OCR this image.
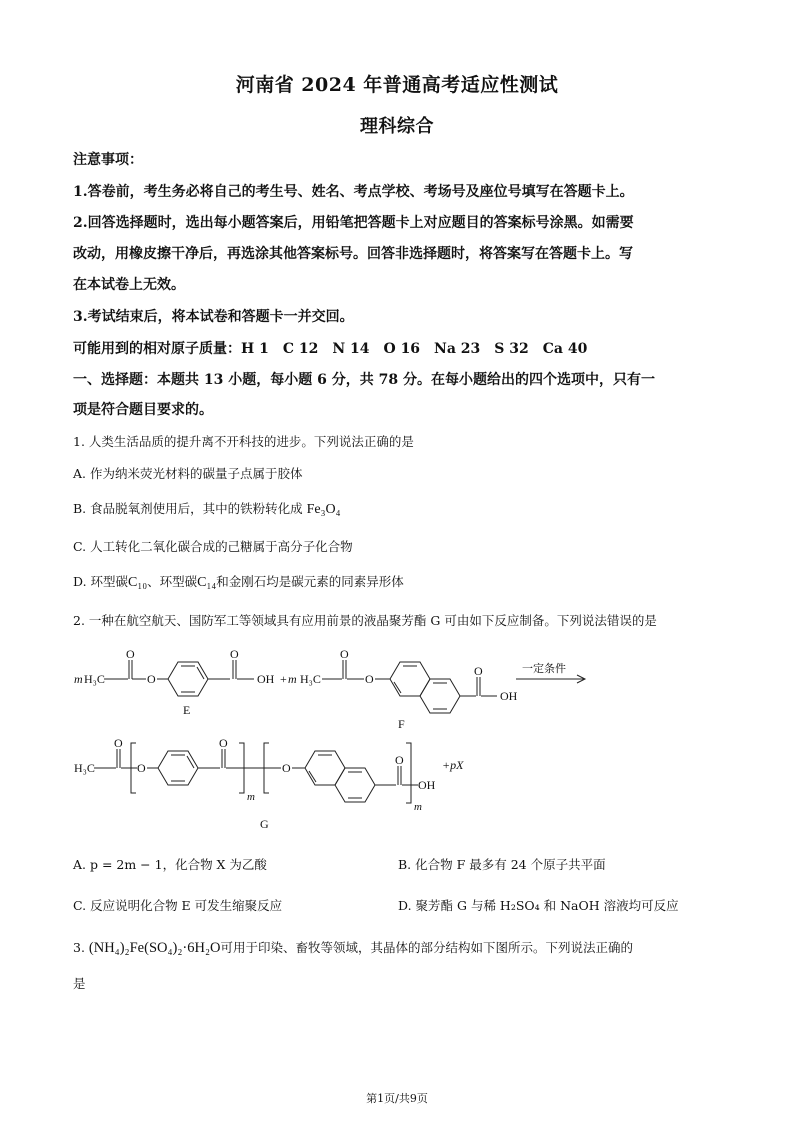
河南省 2024 年普通高考适应性测试
理科综合
注意事项：
1.答卷前，考生务必将自己的考生号、姓名、考点学校、考场号及座位号填写在答题卡上。
2.回答选择题时，选出每小题答案后，用铅笔把答题卡上对应题目的答案标号涂黑。如需要
改动，用橡皮擦干净后，再选涂其他答案标号。回答非选择题时，将答案写在答题卡上。写
在本试卷上无效。
3.考试结束后，将本试卷和答题卡一并交回。
可能用到的相对原子质量：H 1　C 12　N 14　O 16　Na 23　S 32　Ca 40
一、选择题：本题共 13 小题，每小题 6 分，共 78 分。在每小题给出的四个选项中，只有一
项是符合题目要求的。
1. 人类生活品质的提升离不开科技的进步。下列说法正确的是
A. 作为纳米荧光材料的碳量子点属于胶体
B. 食品脱氧剂使用后，其中的铁粉转化成 Fe₃O₄
C. 人工转化二氧化碳合成的己糖属于高分子化合物
D. 环型碳C₁₀、环型碳C₁₄和金刚石均是碳元素的同素异形体
2. 一种在航空航天、国防军工等领域具有应用前景的液晶聚芳酯 G 可由如下反应制备。下列说法错误的是
m H₃C
O
O
O
OH + m
E
H₃C
O
O
O
OH
F
一定条件
H₃C
O
O
O
m
O
O
OH
m
+pX
G
A. p = 2m − 1，化合物 X 为乙酸	B. 化合物 F 最多有 24 个原子共平面
C. 反应说明化合物 E 可发生缩聚反应	D. 聚芳酯 G 与稀 H₂SO₄ 和 NaOH 溶液均可反应
3. (NH₄)₂Fe(SO₄)₂·6H₂O可用于印染、畜牧等领域，其晶体的部分结构如下图所示。下列说法正确的
是
第1页/共9页
